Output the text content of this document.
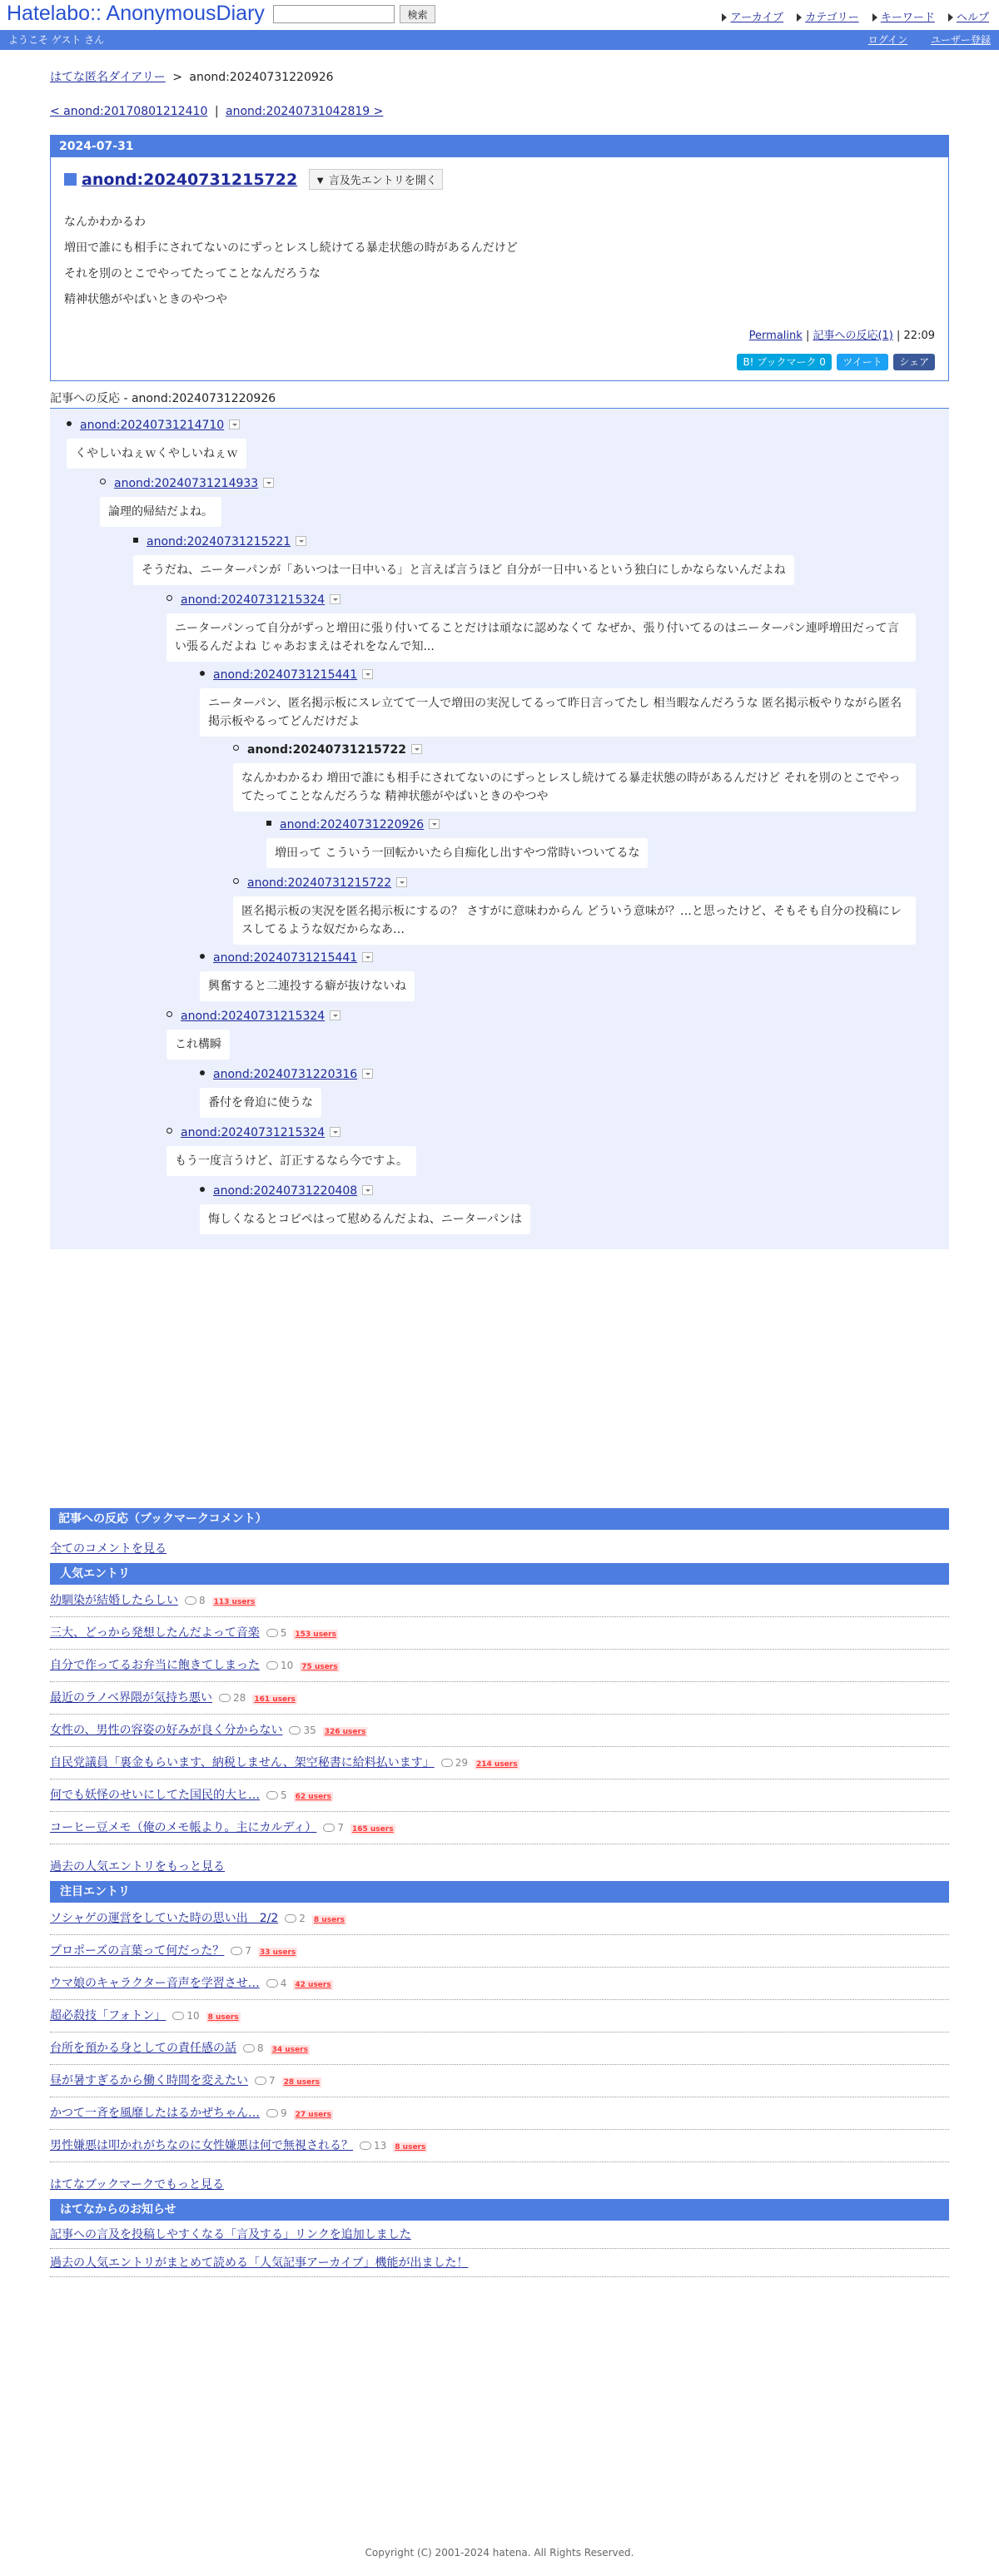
Hatelabo:: AnonymousDiary	検索	アーカイブ カテゴリー キーワード ヘルプ
ようこそ ゲスト さん	ログイン ユーザー登録
はてな匿名ダイアリー > anond:20240731220926
< anond:20170801212410 | anond:20240731042819 >
2024-07-31
anond:20240731215722	▼ 言及先エントリを開く
なんかわかるわ
増田で誰にも相手にされてないのにずっとレスし続けてる暴走状態の時があるんだけど
それを別のとこでやってたってことなんだろうな
精神状態がやばいときのやつや
Permalink | 記事への反応(1) | 22:09
B! ブックマーク 0 ツイート シェア
記事への反応 - anond:20240731220926
anond:20240731214710
くやしいねぇｗくやしいねぇｗ
anond:20240731214933
論理的帰結だよね。
anond:20240731215221
そうだね、ニーターパンが「あいつは一日中いる」と言えば言うほど 自分が一日中いるという独白にしかならないんだよね
anond:20240731215324
ニーターパンって自分がずっと増田に張り付いてることだけは頑なに認めなくて なぜか、張り付いてるのはニーターパン連呼増田だって言い張るんだよね じゃあおまえはそれをなんで知...
anond:20240731215441
ニーターパン、匿名掲示板にスレ立てて一人で増田の実況してるって昨日言ってたし 相当暇なんだろうな 匿名掲示板やりながら匿名掲示板やるってどんだけだよ
anond:20240731215722
なんかわかるわ 増田で誰にも相手にされてないのにずっとレスし続けてる暴走状態の時があるんだけど それを別のとこでやってたってことなんだろうな 精神状態がやばいときのやつや
anond:20240731220926
増田って こういう一回転かいたら自痴化し出すやつ常時いついてるな
anond:20240731215722
匿名掲示板の実況を匿名掲示板にするの？ さすがに意味わからん どういう意味が？…と思ったけど、そもそも自分の投稿にレスしてるような奴だからなあ…
anond:20240731215441
興奮すると二連投する癖が抜けないね
anond:20240731215324
これ構瞬
anond:20240731220316
番付を脅迫に使うな
anond:20240731215324
もう一度言うけど、訂正するなら今ですよ。
anond:20240731220408
悔しくなるとコピペはって慰めるんだよね、ニーターパンは
記事への反応（ブックマークコメント）
全てのコメントを見る
人気エントリ
幼馴染が結婚したらしい 8 113 users
三大、どっから発想したんだよって音楽 5 153 users
自分で作ってるお弁当に飽きてしまった 10 75 users
最近のラノベ界隈が気持ち悪い 28 161 users
女性の、男性の容姿の好みが良く分からない 35 326 users
自民党議員「裏金もらいます、納税しません、架空秘書に給料払います」 29 214 users
何でも妖怪のせいにしてた国民的大ヒ… 5 62 users
コーヒー豆メモ（俺のメモ帳より。主にカルディ） 7 165 users
過去の人気エントリをもっと見る
注目エントリ
ソシャゲの運営をしていた時の思い出　2/2 2 8 users
プロポーズの言葉って何だった？ 7 33 users
ウマ娘のキャラクター音声を学習させ… 4 42 users
超必殺技「フォトン」 10 8 users
台所を預かる身としての責任感の話 8 34 users
昼が暑すぎるから働く時間を変えたい 7 28 users
かつて一斉を風靡したはるかぜちゃん… 9 27 users
男性嫌悪は叩かれがちなのに女性嫌悪は何で無視される？ 13 8 users
はてなブックマークでもっと見る
はてなからのお知らせ
記事への言及を投稿しやすくなる「言及する」リンクを追加しました
過去の人気エントリがまとめて読める「人気記事アーカイブ」機能が出ました！
Copyright (C) 2001-2024 hatena. All Rights Reserved.
